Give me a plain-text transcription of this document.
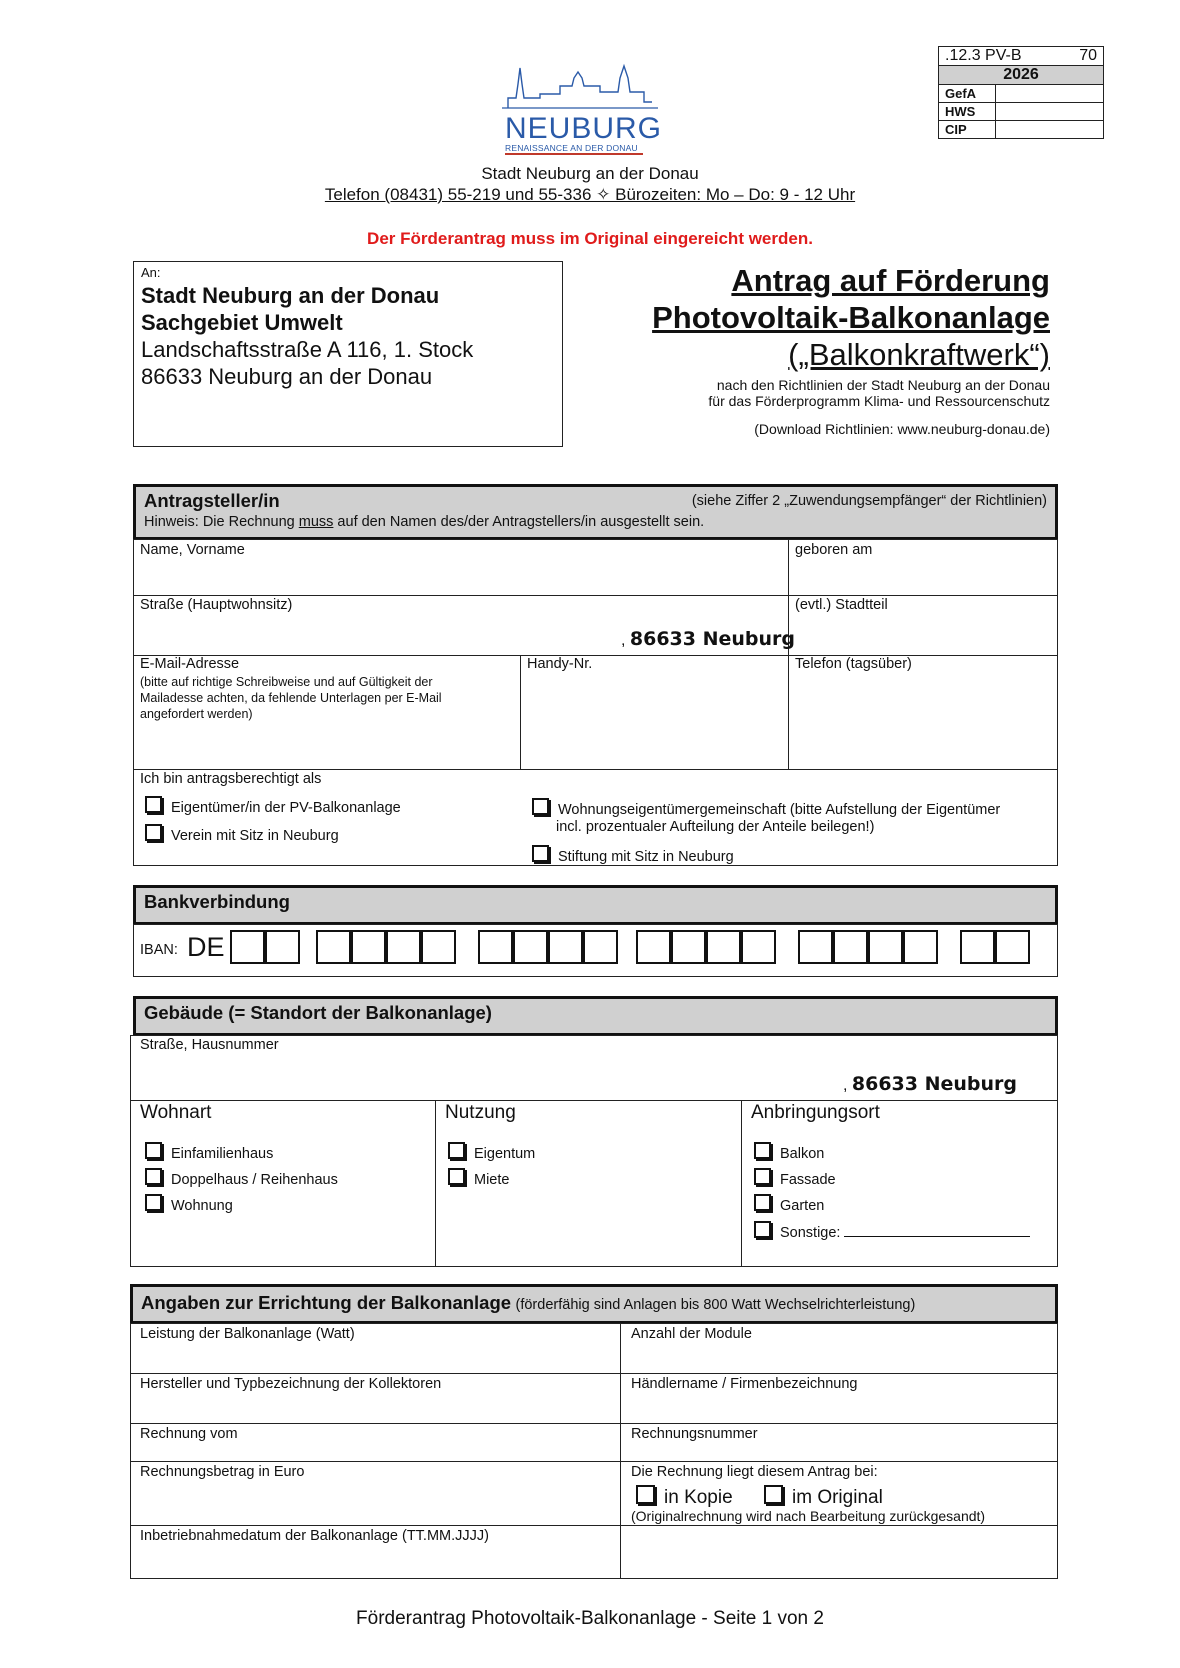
.12.3 PV-B 70	

2026	
GefA	
HWS	
CIP	
NEUBURG
RENAISSANCE AN DER DONAU
Stadt Neuburg an der Donau
Telefon (08431) 55-219 und 55-336 ✧ Bürozeiten: Mo – Do: 9 - 12 Uhr
Der Förderantrag muss im Original eingereicht werden.
An:
Stadt Neuburg an der Donau
Sachgebiet Umwelt
Landschaftsstraße A 116, 1. Stock
86633 Neuburg an der Donau
Antrag auf Förderung
Photovoltaik-Balkonanlage
(„Balkonkraftwerk“)
nach den Richtlinien der Stadt Neuburg an der Donau
für das Förderprogramm Klima- und Ressourcenschutz
(Download Richtlinien: www.neuburg-donau.de)
Antragsteller/in	(siehe Ziffer 2 „Zuwendungsempfänger“ der Richtlinien)
Hinweis: Die Rechnung muss auf den Namen des/der Antragstellers/in ausgestellt sein.
Name, Vorname	geboren am
Straße (Hauptwohnsitz)
, 86633 Neuburg
(evtl.) Stadtteil
E-Mail-Adresse
(bitte auf richtige Schreibweise und auf Gültigkeit der Mailadesse achten, da fehlende Unterlagen per E-Mail angefordert werden)
Handy-Nr.	Telefon (tagsüber)
Ich bin antragsberechtigt als
Eigentümer/in der PV-Balkonanlage
Verein mit Sitz in Neuburg
Wohnungseigentümergemeinschaft (bitte Aufstellung der Eigentümer
incl. prozentualer Aufteilung der Anteile beilegen!)
Stiftung mit Sitz in Neuburg
Bankverbindung
IBAN: DE
Gebäude (= Standort der Balkonanlage)
Straße, Hausnummer
, 86633 Neuburg
Wohnart
Einfamilienhaus
Doppelhaus / Reihenhaus
Wohnung
Nutzung
Eigentum
Miete
Anbringungsort
Balkon
Fassade
Garten
Sonstige:
Angaben zur Errichtung der Balkonanlage (förderfähig sind Anlagen bis 800 Watt Wechselrichterleistung)
Leistung der Balkonanlage (Watt)	Anzahl der Module
Hersteller und Typbezeichnung der Kollektoren	Händlername / Firmenbezeichnung
Rechnung vom	Rechnungsnummer
Rechnungsbetrag in Euro	Die Rechnung liegt diesem Antrag bei:
in Kopie	im Original
(Originalrechnung wird nach Bearbeitung zurückgesandt)
Inbetriebnahmedatum der Balkonanlage (TT.MM.JJJJ)
Förderantrag Photovoltaik-Balkonanlage - Seite 1 von 2
